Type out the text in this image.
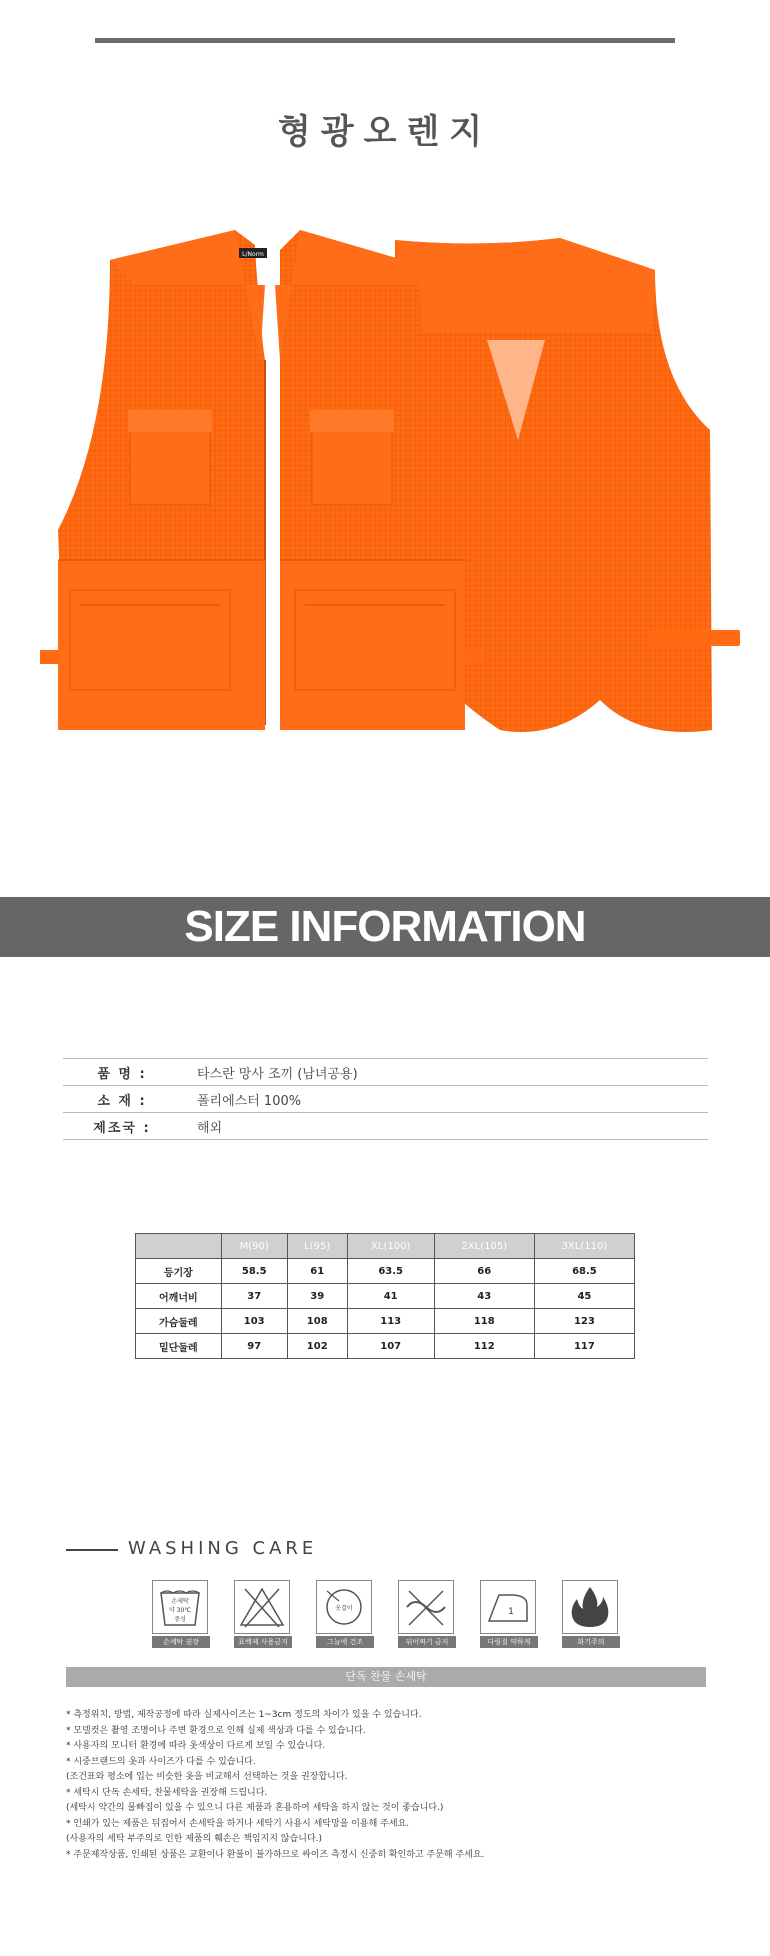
형광오렌지
L/Norm
SIZE INFORMATION
품 명 :	타스란 망사 조끼 (남녀공용)
소 재 :	폴리에스터 100%
제조국 :	해외
	M(90)	L(95)	XL(100)	2XL(105)	3XL(110)
등기장	58.5	61	63.5	66	68.5
어깨너비	37	39	41	43	45
가슴둘레	103	108	113	118	123
밑단둘레	97	102	107	112	117
WASHING CARE
손세탁
약 30℃
중성
손세탁 권장	표백제 사용금지
옷걸이
그늘에 건조	뒤어짜기 금지
1
다림질 약하게	화기주의
단독 찬물 손세탁
* 측정위치, 방법, 제작공정에 따라 실제사이즈는 1~3cm 정도의 차이가 있을 수 있습니다.
* 모델컷은 촬영 조명이나 주변 환경으로 인해 실제 색상과 다를 수 있습니다.
* 사용자의 모니터 환경에 따라 옷색상이 다르게 보일 수 있습니다.
* 시중브랜드의 옷과 사이즈가 다를 수 있습니다.
(조건표와 평소에 입는 비슷한 옷을 비교해서 선택하는 것을 권장합니다.
* 세탁시 단독 손세탁, 찬물세탁을 권장해 드립니다.
(세탁시 약간의 물빠짐이 있을 수 있으니 다른 제품과 혼용하여 세탁을 하지 않는 것이 좋습니다.)
* 인쇄가 있는 제품은 뒤집어서 손세탁을 하거나 세탁기 사용시 세탁망을 이용해 주세요.
(사용자의 세탁 부주의로 인한 제품의 훼손은 책임지지 않습니다.)
* 주문제작상품, 인쇄된 상품은 교환이나 환불이 불가하므로 싸이즈 측정시 신중히 확인하고 주문해 주세요.
